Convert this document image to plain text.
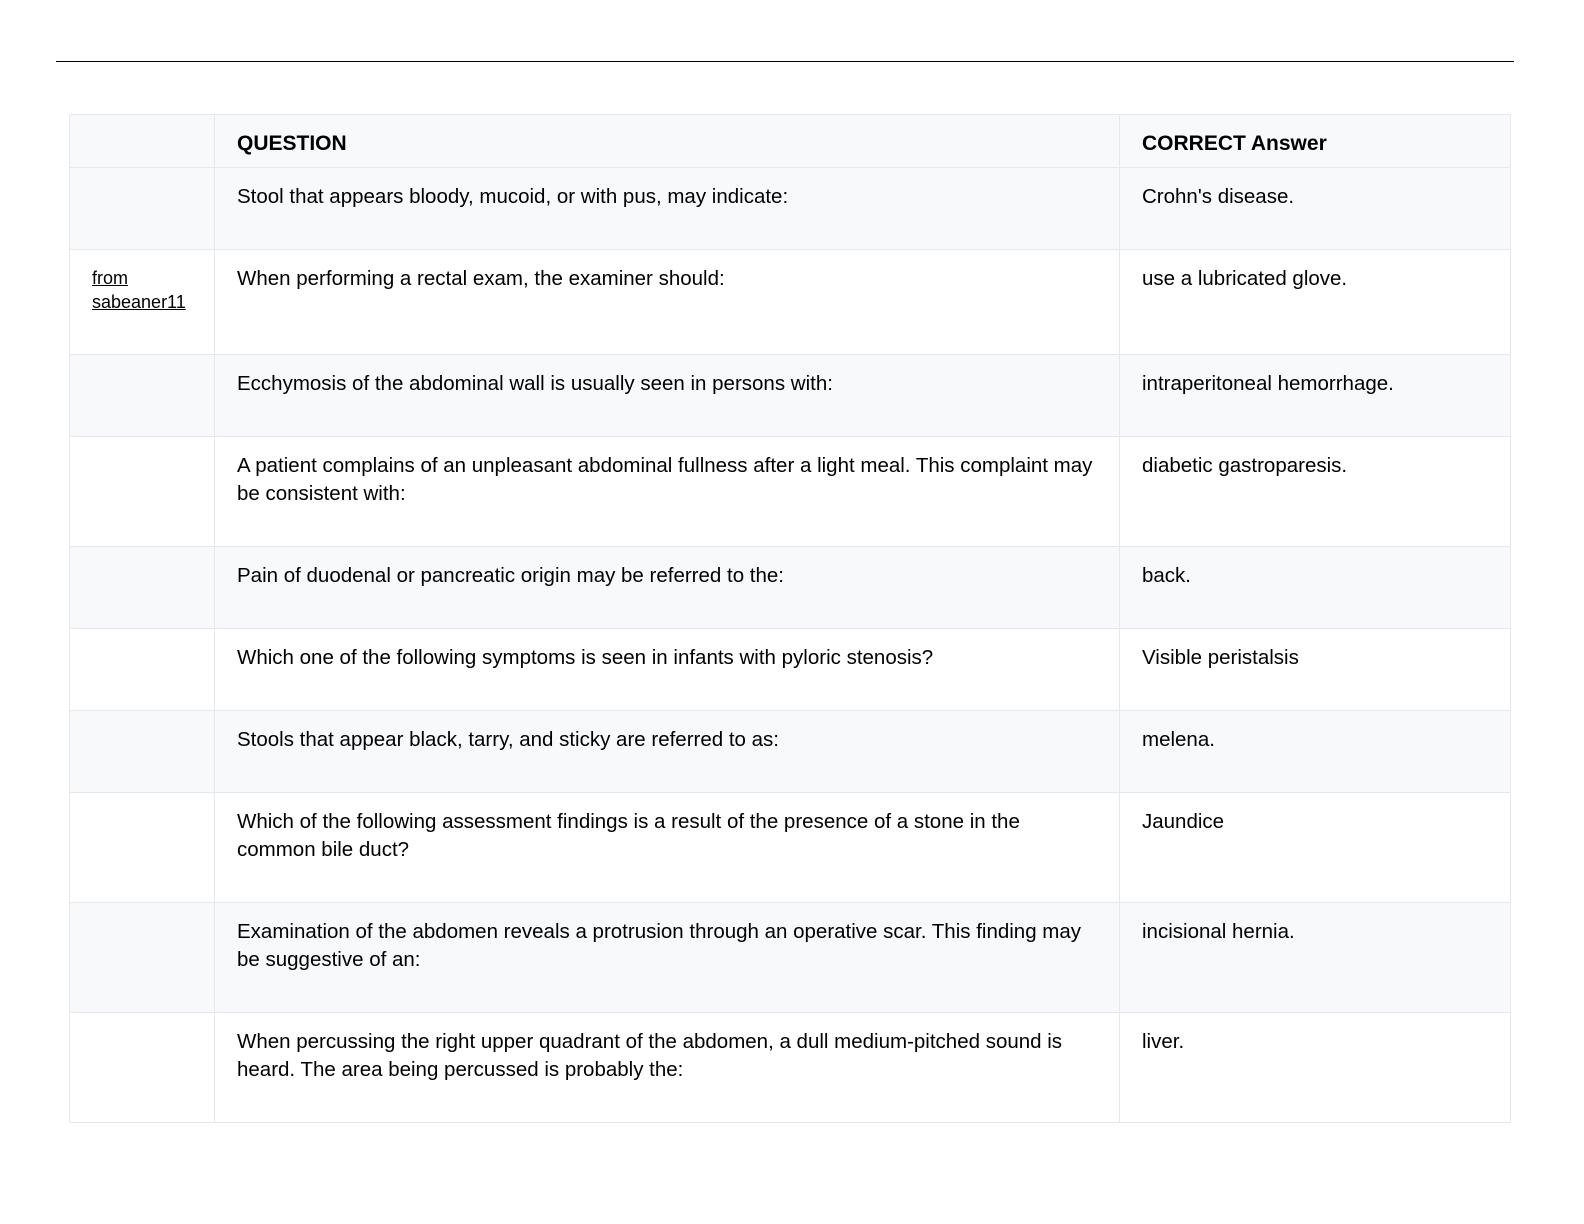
	QUESTION	CORRECT Answer
	Stool that appears bloody, mucoid, or with pus, may indicate:	Crohn's disease.

from sabeaner11	When performing a rectal exam, the examiner should:	use a lubricated glove.
	Ecchymosis of the abdominal wall is usually seen in persons with:	intraperitoneal hemorrhage.
	A patient complains of an unpleasant abdominal fullness after a light meal. This complaint may be consistent with:	diabetic gastroparesis.
	Pain of duodenal or pancreatic origin may be referred to the:	back.
	Which one of the following symptoms is seen in infants with pyloric stenosis?	Visible peristalsis
	Stools that appear black, tarry, and sticky are referred to as:	melena.
	Which of the following assessment findings is a result of the presence of a stone in the common bile duct?	Jaundice
	Examination of the abdomen reveals a protrusion through an operative scar. This finding may be suggestive of an:	incisional hernia.
	When percussing the right upper quadrant of the abdomen, a dull medium-pitched sound is heard. The area being percussed is probably the:	liver.
